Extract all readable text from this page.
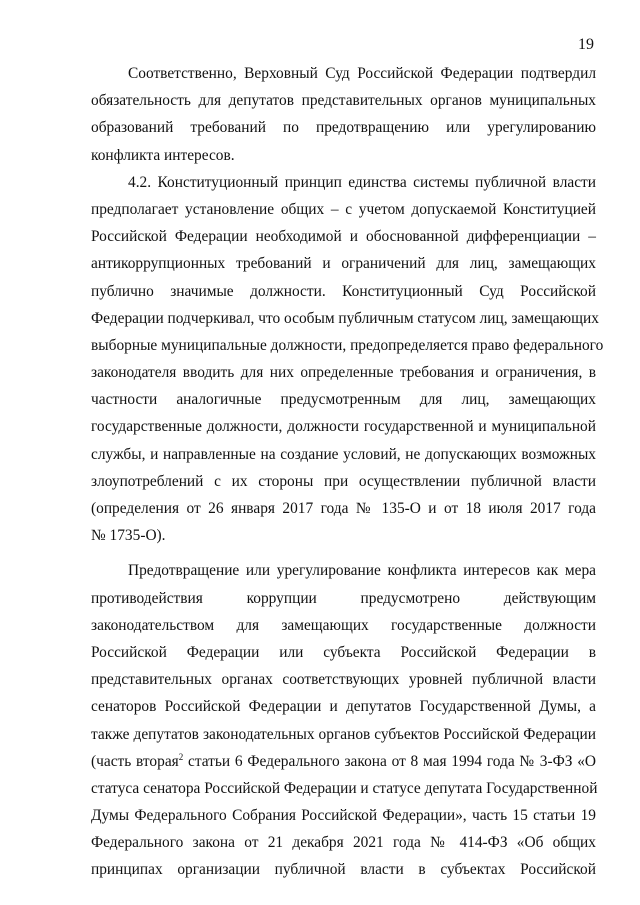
19
Соответственно, Верховный Суд Российской Федерации подтвердил
обязательность для депутатов представительных органов муниципальных
образований требований по предотвращению или урегулированию
конфликта интересов.
4.2. Конституционный принцип единства системы публичной власти
предполагает установление общих – с учетом допускаемой Конституцией
Российской Федерации необходимой и обоснованной дифференциации –
антикоррупционных требований и ограничений для лиц, замещающих
публично значимые должности. Конституционный Суд Российской
Федерации подчеркивал, что особым публичным статусом лиц, замещающих
выборные муниципальные должности, предопределяется право федерального
законодателя вводить для них определенные требования и ограничения, в
частности аналогичные предусмотренным для лиц, замещающих
государственные должности, должности государственной и муниципальной
службы, и направленные на создание условий, не допускающих возможных
злоупотреблений с их стороны при осуществлении публичной власти
(определения от 26 января 2017 года № 135-О и от 18 июля 2017 года
№ 1735-О).
Предотвращение или урегулирование конфликта интересов как мера
противодействия коррупции предусмотрено действующим
законодательством для замещающих государственные должности
Российской Федерации или субъекта Российской Федерации в
представительных органах соответствующих уровней публичной власти
сенаторов Российской Федерации и депутатов Государственной Думы, а
также депутатов законодательных органов субъектов Российской Федерации
(часть вторая$^2$ статьи 6 Федерального закона от 8 мая 1994 года № 3-ФЗ «О
статуса сенатора Российской Федерации и статусе депутата Государственной
Думы Федерального Собрания Российской Федерации», часть 15 статьи 19
Федерального закона от 21 декабря 2021 года № 414-ФЗ «Об общих
принципах организации публичной власти в субъектах Российской
